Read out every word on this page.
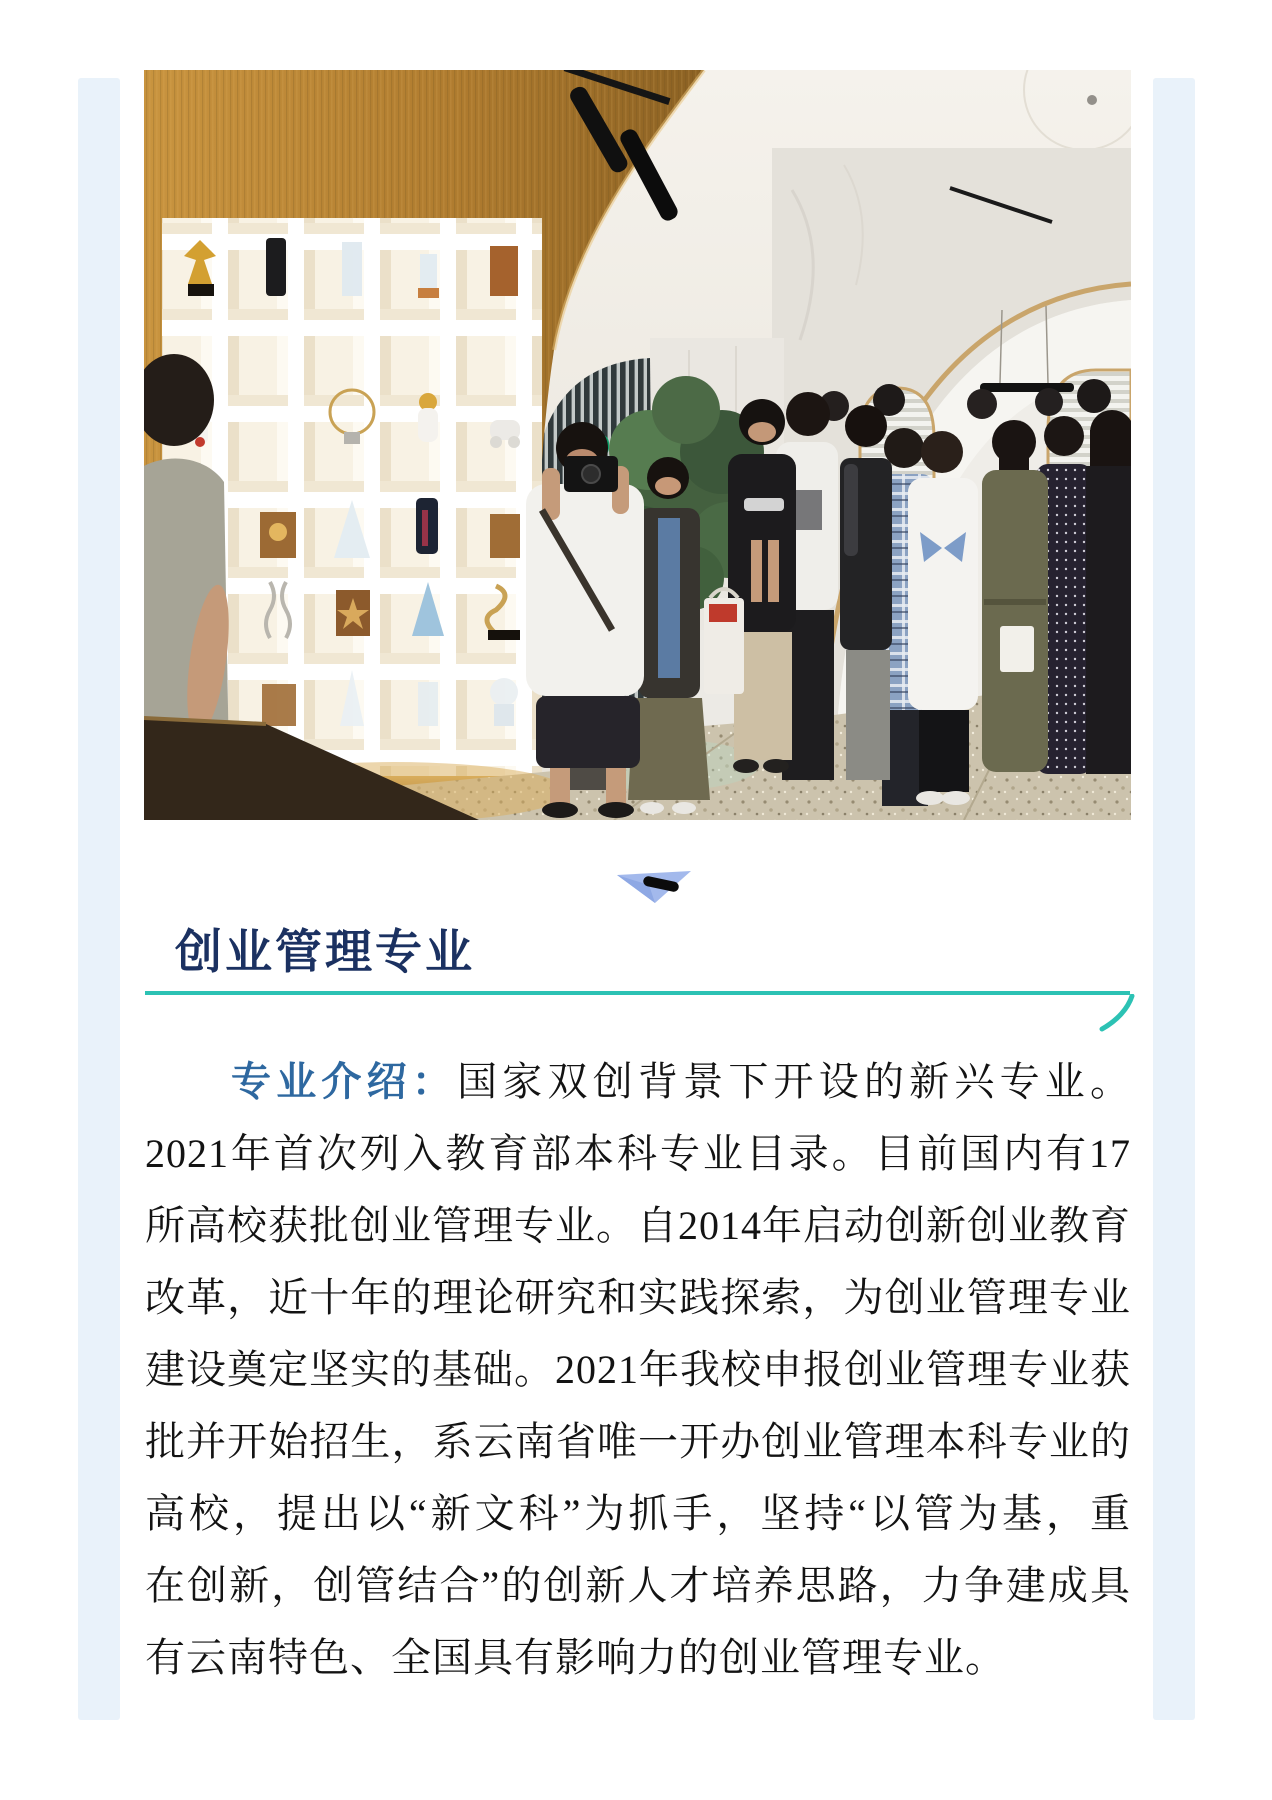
创业管理专业
专业介绍：国家双创背景下开设的新兴专业。
2021年首次列入教育部本科专业目录。目前国内有17
所高校获批创业管理专业。自2014年启动创新创业教育
改革，近十年的理论研究和实践探索，为创业管理专业
建设奠定坚实的基础。2021年我校申报创业管理专业获
批并开始招生，系云南省唯一开办创业管理本科专业的
高校，提出以“新文科”为抓手，坚持“以管为基，重
在创新，创管结合”的创新人才培养思路，力争建成具
有云南特色、全国具有影响力的创业管理专业。
